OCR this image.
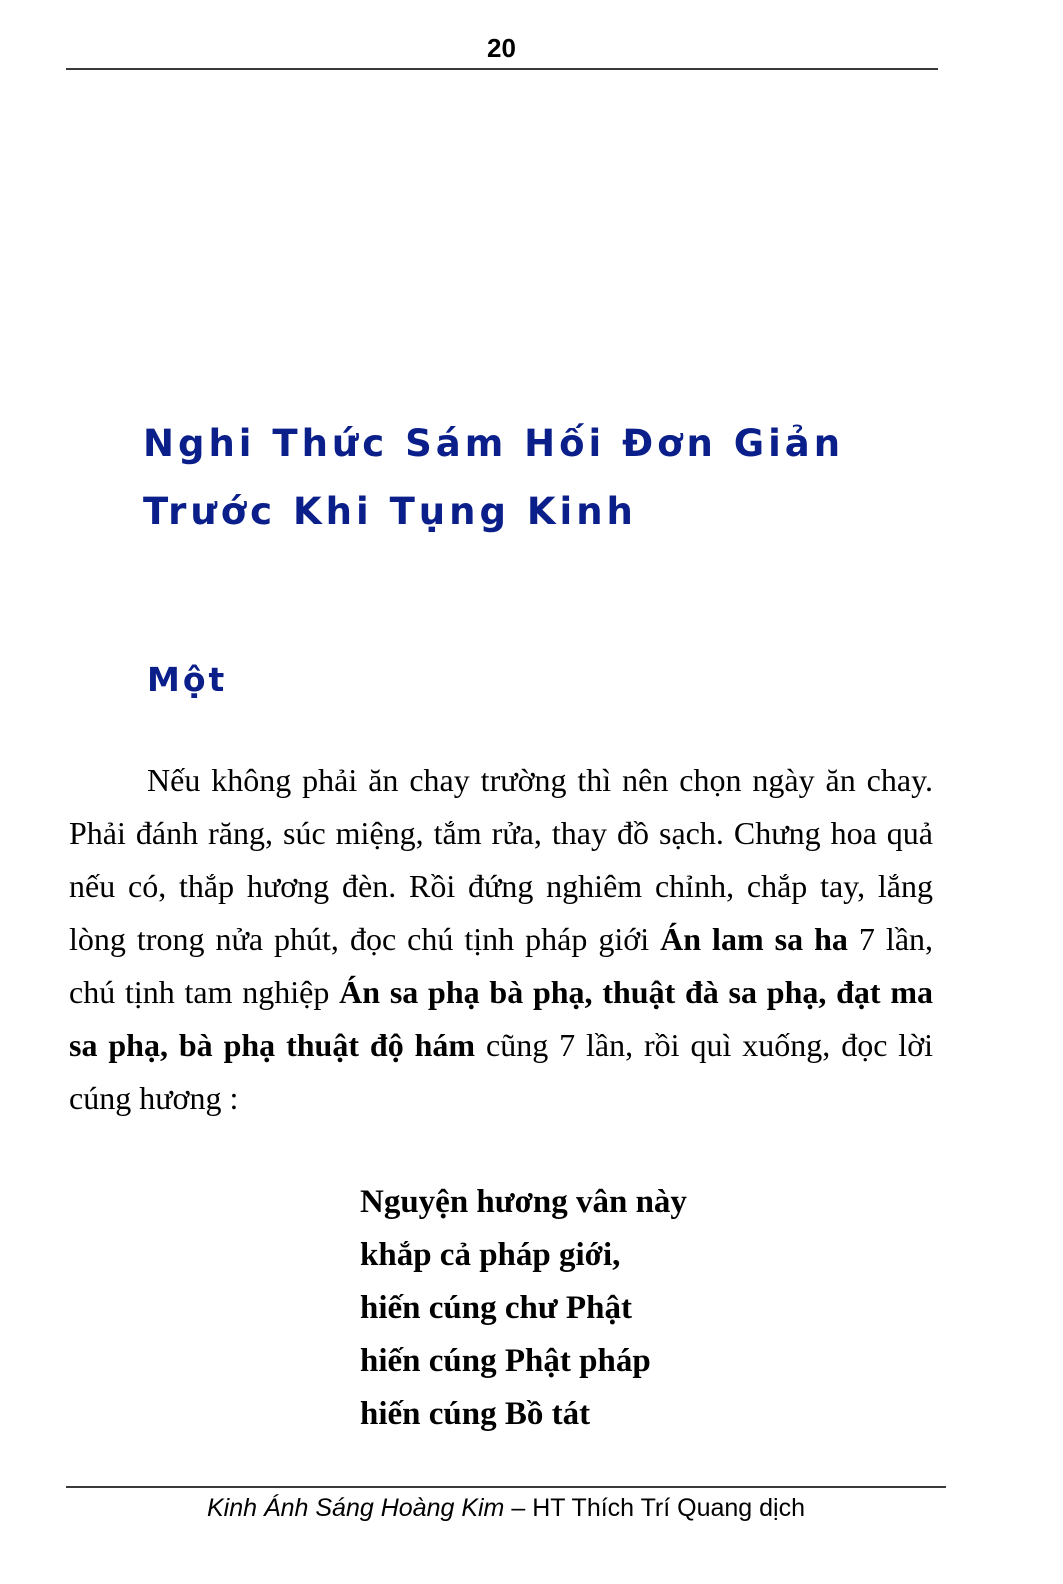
20
Nghi Thức Sám Hối Đơn Giản
Trước Khi Tụng Kinh
Một

Nếu không phải ăn chay trường thì nên chọn ngày ăn chay. Phải đánh răng, súc miệng, tắm rửa, thay đồ sạch. Chưng hoa quả nếu có, thắp hương đèn. Rồi đứng nghiêm chỉnh, chắp tay, lắng lòng trong nửa phút, đọc chú tịnh pháp giới Án lam sa ha 7 lần, chú tịnh tam nghiệp Án sa phạ bà phạ, thuật đà sa phạ, đạt ma sa phạ, bà phạ thuật độ hám cũng 7 lần, rồi quì xuống, đọc lời cúng hương :

Nguyện hương vân này
khắp cả pháp giới,
hiến cúng chư Phật
hiến cúng Phật pháp
hiến cúng Bồ tát
Kinh Ánh Sáng Hoàng Kim – HT Thích Trí Quang dịch
